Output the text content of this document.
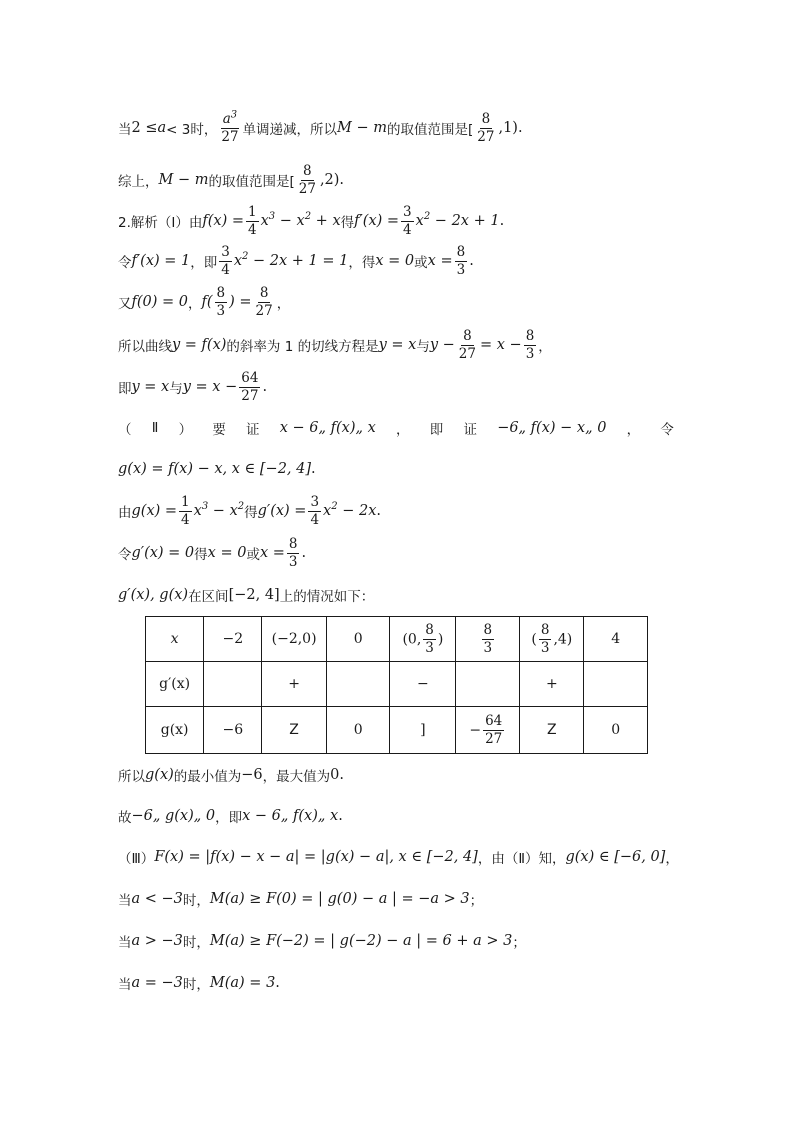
当 2 ≤ a < 3时， $\frac{a^3}{27}$ 单调递减，所以 M − m 的取值范围是[ $\frac{8}{27} ,1$).
综上， M − m 的取值范围是[ $\frac{8}{27} ,2$).
2.解析（Ⅰ）由 $f(x) = \frac{1}{4} x^3 - x^2 + x$ 得 $f'(x) = \frac{3}{4} x^2 - 2x + 1$ .
令 f′(x) = 1 ，即 $\frac{3}{4} x^2 - 2x + 1 = 1$ ，得 x = 0 或 $x = \frac{8}{3}$ .
又 f(0) = 0 ， $f( \frac{8}{3}$ ) = $\frac{8}{27}$ ，
所以曲线 y = f(x) 的斜率为 1 的切线方程是 y = x 与 $y - \frac{8}{27} = x - \frac{8}{3}$ ，
即 y = x 与 $y = x - \frac{64}{27}$ .
（ Ⅱ ） 要 证 x − 6„ f(x)„ x ， 即 证 −6„ f(x) − x„ 0 ， 令
g(x) = f(x) − x, x ∈ [−2, 4] .
由 $g(x) = \frac{1}{4} x^3 - x^2$ 得 $g'(x) = \frac{3}{4} x^2 - 2x$ .
令 g′(x) = 0 得 x = 0 或 $x = \frac{8}{3}$ .
g′(x), g(x) 在区间 [−2, 4] 上的情况如下：
x	−2	(−2,0)	0	(0, $\frac{8}{3}$ )	$\frac{8}{3}$	( $\frac{8}{3} ,4$)	4
g′(x)		+		−		+	
g(x)	−6	Z	0	]	− $\frac{64}{27}$	Z	0
所以 g(x) 的最小值为 −6 ，最大值为 0 .
故 −6„ g(x)„ 0 ，即 x − 6„ f(x)„ x .
（Ⅲ） F(x) = |f(x) − x − a| = |g(x) − a|, x ∈ [−2, 4] ，由（Ⅱ）知， g(x) ∈ [−6, 0] ，
当 a < −3 时， M(a) ≥ F(0) = | g(0) − a | = −a > 3 ；
当 a > −3 时， M(a) ≥ F(−2) = | g(−2) − a | = 6 + a > 3 ；
当 a = −3 时， M(a) = 3 .
